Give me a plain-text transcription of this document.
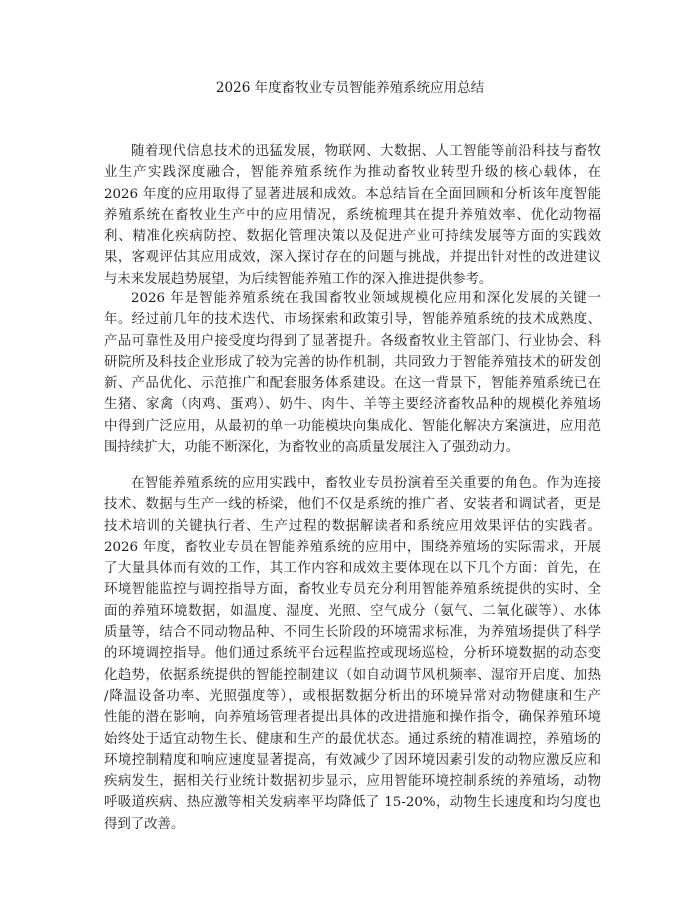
2026 年度畜牧业专员智能养殖系统应用总结
随着现代信息技术的迅猛发展，物联网、大数据、人工智能等前沿科技与畜牧
业生产实践深度融合，智能养殖系统作为推动畜牧业转型升级的核心载体，在
2026 年度的应用取得了显著进展和成效。本总结旨在全面回顾和分析该年度智能
养殖系统在畜牧业生产中的应用情况，系统梳理其在提升养殖效率、优化动物福
利、精准化疾病防控、数据化管理决策以及促进产业可持续发展等方面的实践效
果，客观评估其应用成效，深入探讨存在的问题与挑战，并提出针对性的改进建议
与未来发展趋势展望，为后续智能养殖工作的深入推进提供参考。
2026 年是智能养殖系统在我国畜牧业领域规模化应用和深化发展的关键一
年。经过前几年的技术迭代、市场探索和政策引导，智能养殖系统的技术成熟度、
产品可靠性及用户接受度均得到了显著提升。各级畜牧业主管部门、行业协会、科
研院所及科技企业形成了较为完善的协作机制，共同致力于智能养殖技术的研发创
新、产品优化、示范推广和配套服务体系建设。在这一背景下，智能养殖系统已在
生猪、家禽（肉鸡、蛋鸡）、奶牛、肉牛、羊等主要经济畜牧品种的规模化养殖场
中得到广泛应用，从最初的单一功能模块向集成化、智能化解决方案演进，应用范
围持续扩大，功能不断深化，为畜牧业的高质量发展注入了强劲动力。
在智能养殖系统的应用实践中，畜牧业专员扮演着至关重要的角色。作为连接
技术、数据与生产一线的桥梁，他们不仅是系统的推广者、安装者和调试者，更是
技术培训的关键执行者、生产过程的数据解读者和系统应用效果评估的实践者。
2026 年度，畜牧业专员在智能养殖系统的应用中，围绕养殖场的实际需求，开展
了大量具体而有效的工作，其工作内容和成效主要体现在以下几个方面：首先，在
环境智能监控与调控指导方面，畜牧业专员充分利用智能养殖系统提供的实时、全
面的养殖环境数据，如温度、湿度、光照、空气成分（氨气、二氧化碳等）、水体
质量等，结合不同动物品种、不同生长阶段的环境需求标准，为养殖场提供了科学
的环境调控指导。他们通过系统平台远程监控或现场巡检，分析环境数据的动态变
化趋势，依据系统提供的智能控制建议（如自动调节风机频率、湿帘开启度、加热
/降温设备功率、光照强度等），或根据数据分析出的环境异常对动物健康和生产
性能的潜在影响，向养殖场管理者提出具体的改进措施和操作指令，确保养殖环境
始终处于适宜动物生长、健康和生产的最优状态。通过系统的精准调控，养殖场的
环境控制精度和响应速度显著提高，有效减少了因环境因素引发的动物应激反应和
疾病发生，据相关行业统计数据初步显示，应用智能环境控制系统的养殖场，动物
呼吸道疾病、热应激等相关发病率平均降低了 15-20%，动物生长速度和均匀度也
得到了改善。
